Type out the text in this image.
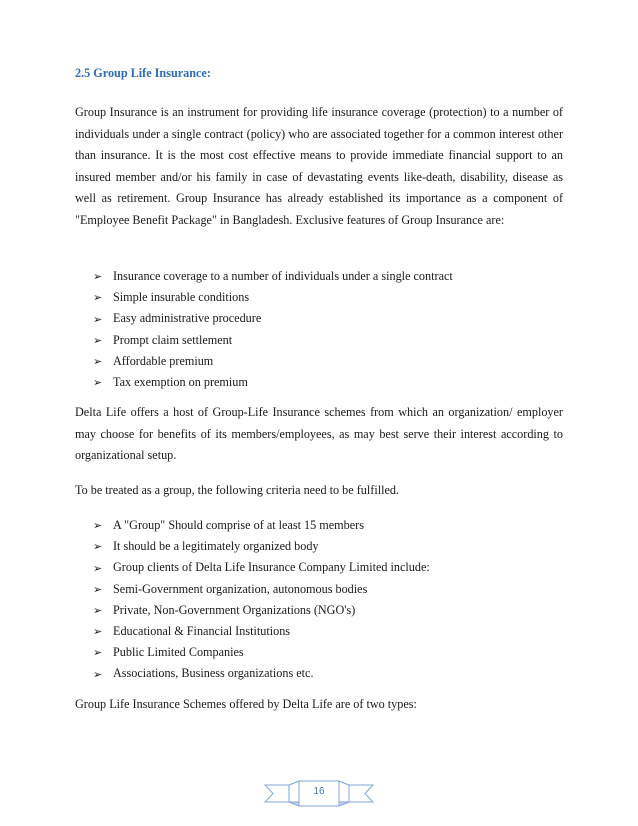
2.5 Group Life Insurance:

Group Insurance is an instrument for providing life insurance coverage (protection) to a number of individuals under a single contract (policy) who are associated together for a common interest other than insurance. It is the most cost effective means to provide immediate financial support to an insured member and/or his family in case of devastating events like-death, disability, disease as well as retirement. Group Insurance has already established its importance as a component of "Employee Benefit Package" in Bangladesh. Exclusive features of Group Insurance are:

➢ Insurance coverage to a number of individuals under a single contract
➢ Simple insurable conditions
➢ Easy administrative procedure
➢ Prompt claim settlement
➢ Affordable premium
➢ Tax exemption on premium

Delta Life offers a host of Group-Life Insurance schemes from which an organization/ employer may choose for benefits of its members/employees, as may best serve their interest according to organizational setup.

To be treated as a group, the following criteria need to be fulfilled.

➢ A "Group" Should comprise of at least 15 members
➢ It should be a legitimately organized body
➢ Group clients of Delta Life Insurance Company Limited include:
➢ Semi-Government organization, autonomous bodies
➢ Private, Non-Government Organizations (NGO's)
➢ Educational & Financial Institutions
➢ Public Limited Companies
➢ Associations, Business organizations etc.

Group Life Insurance Schemes offered by Delta Life are of two types:

16
